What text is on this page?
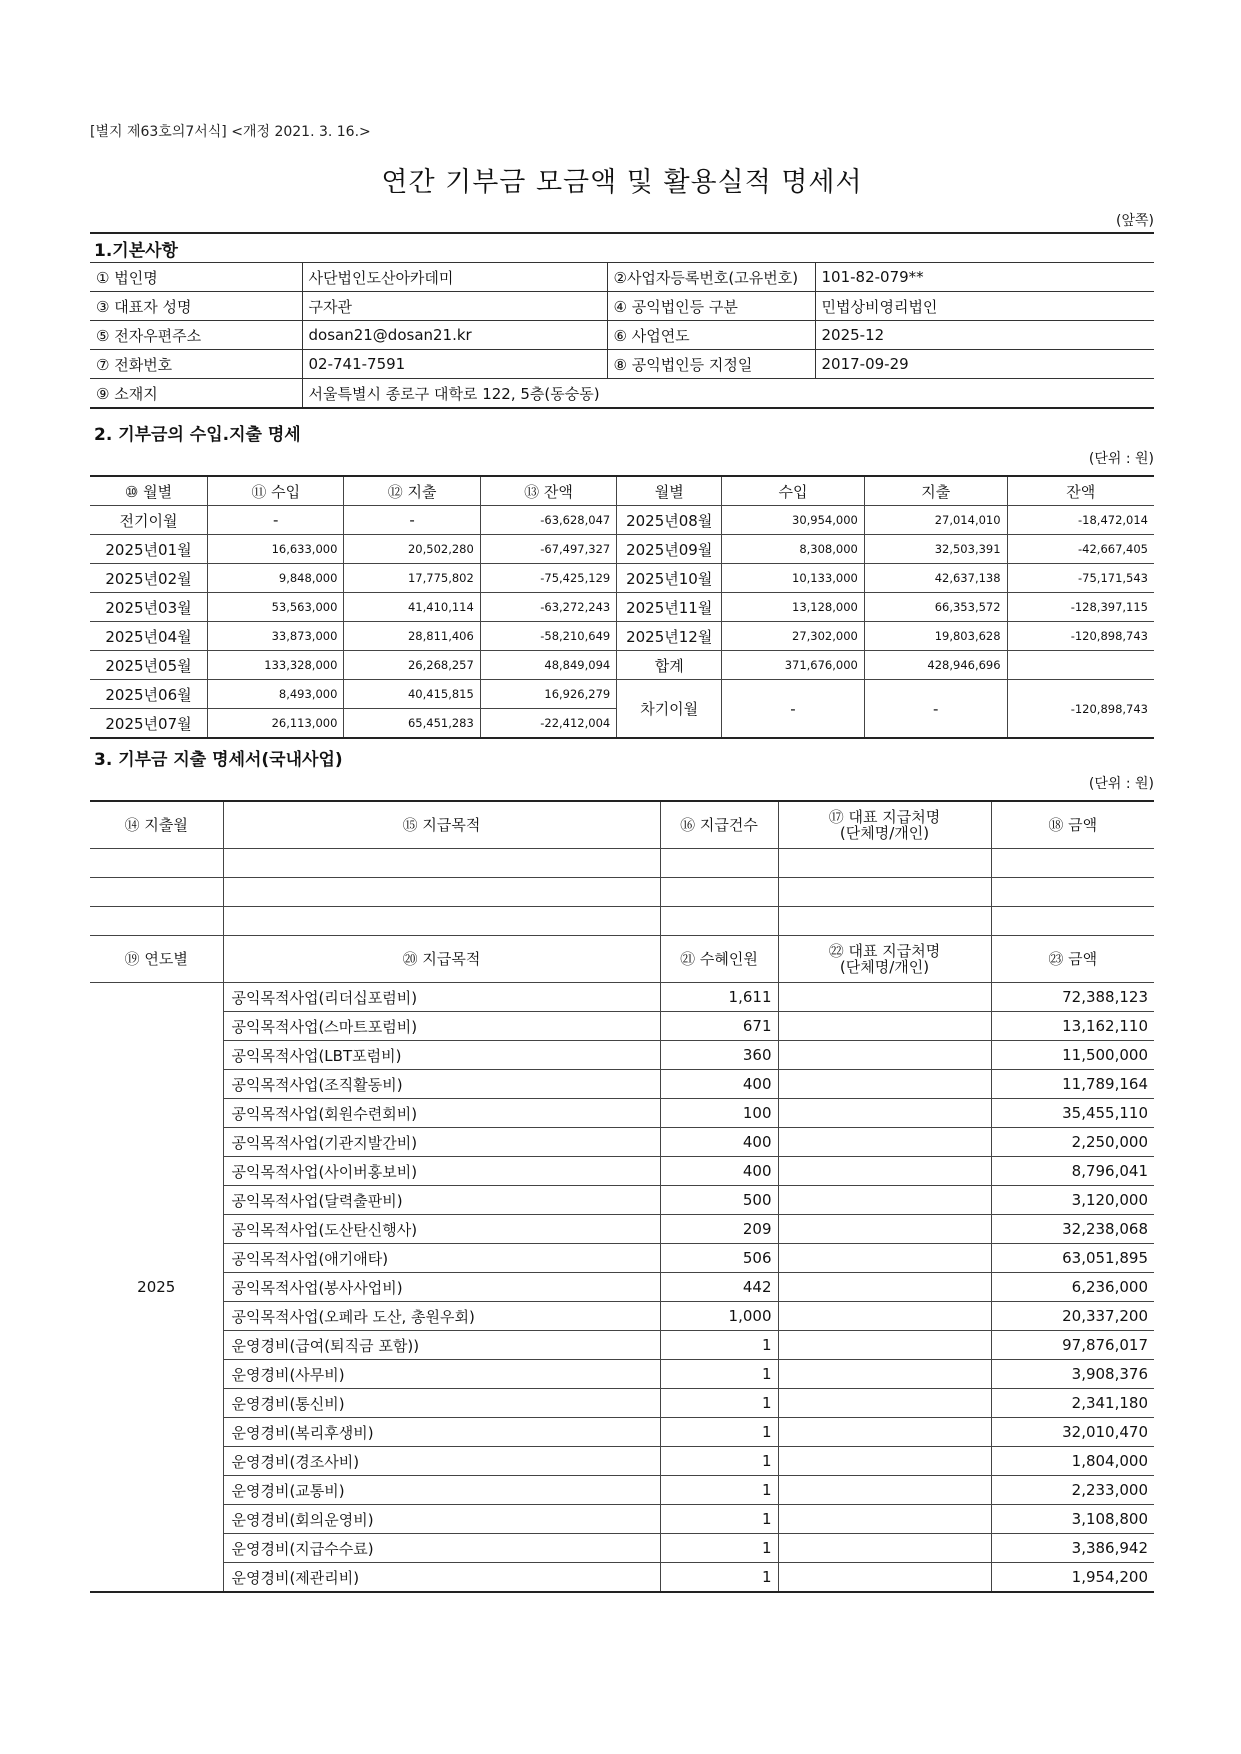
[별지 제63호의7서식] <개정 2021. 3. 16.>
연간 기부금 모금액 및 활용실적 명세서
(앞쪽)
1.기본사항			
① 법인명	사단법인도산아카데미	②사업자등록번호(고유번호)	101-82-079**
③ 대표자 성명	구자관	④ 공익법인등 구분	민법상비영리법인
⑤ 전자우편주소	dosan21@dosan21.kr	⑥ 사업연도	2025-12
⑦ 전화번호	02-741-7591	⑧ 공익법인등 지정일	2017-09-29
⑨ 소재지	서울특별시 종로구 대학로 122, 5층(동숭동)		
2. 기부금의 수입.지출 명세
(단위 : 원)
⑩ 월별	⑪ 수입	⑫ 지출	⑬ 잔액	월별	수입	지출	잔액
전기이월	-	-	-63,628,047	2025년08월	30,954,000	27,014,010	-18,472,014
2025년01월	16,633,000	20,502,280	-67,497,327	2025년09월	8,308,000	32,503,391	-42,667,405
2025년02월	9,848,000	17,775,802	-75,425,129	2025년10월	10,133,000	42,637,138	-75,171,543
2025년03월	53,563,000	41,410,114	-63,272,243	2025년11월	13,128,000	66,353,572	-128,397,115
2025년04월	33,873,000	28,811,406	-58,210,649	2025년12월	27,302,000	19,803,628	-120,898,743
2025년05월	133,328,000	26,268,257	48,849,094	합계	371,676,000	428,946,696	
2025년06월	8,493,000	40,415,815	16,926,279	차기이월	-	-	-120,898,743
2025년07월	26,113,000	65,451,283	-22,412,004				
3. 기부금 지출 명세서(국내사업)
(단위 : 원)
⑭ 지출월	⑮ 지급목적	⑯ 지급건수	⑰ 대표 지급처명
(단체명/개인)	⑱ 금액

⑲ 연도별	⑳ 지급목적	㉑ 수혜인원	㉒ 대표 지급처명
(단체명/개인)	㉓ 금액
2025	공익목적사업(리더십포럼비)	1,611		72,388,123
	공익목적사업(스마트포럼비)	671		13,162,110
	공익목적사업(LBT포럼비)	360		11,500,000
	공익목적사업(조직활동비)	400		11,789,164
	공익목적사업(회원수련회비)	100		35,455,110
	공익목적사업(기관지발간비)	400		2,250,000
	공익목적사업(사이버홍보비)	400		8,796,041
	공익목적사업(달력출판비)	500		3,120,000
	공익목적사업(도산탄신행사)	209		32,238,068
	공익목적사업(애기애타)	506		63,051,895
	공익목적사업(봉사사업비)	442		6,236,000
	공익목적사업(오페라 도산, 총원우회)	1,000		20,337,200
	운영경비(급여(퇴직금 포함))	1		97,876,017
	운영경비(사무비)	1		3,908,376
	운영경비(통신비)	1		2,341,180
	운영경비(복리후생비)	1		32,010,470
	운영경비(경조사비)	1		1,804,000
	운영경비(교통비)	1		2,233,000
	운영경비(회의운영비)	1		3,108,800
	운영경비(지급수수료)	1		3,386,942
	운영경비(제관리비)	1		1,954,200
